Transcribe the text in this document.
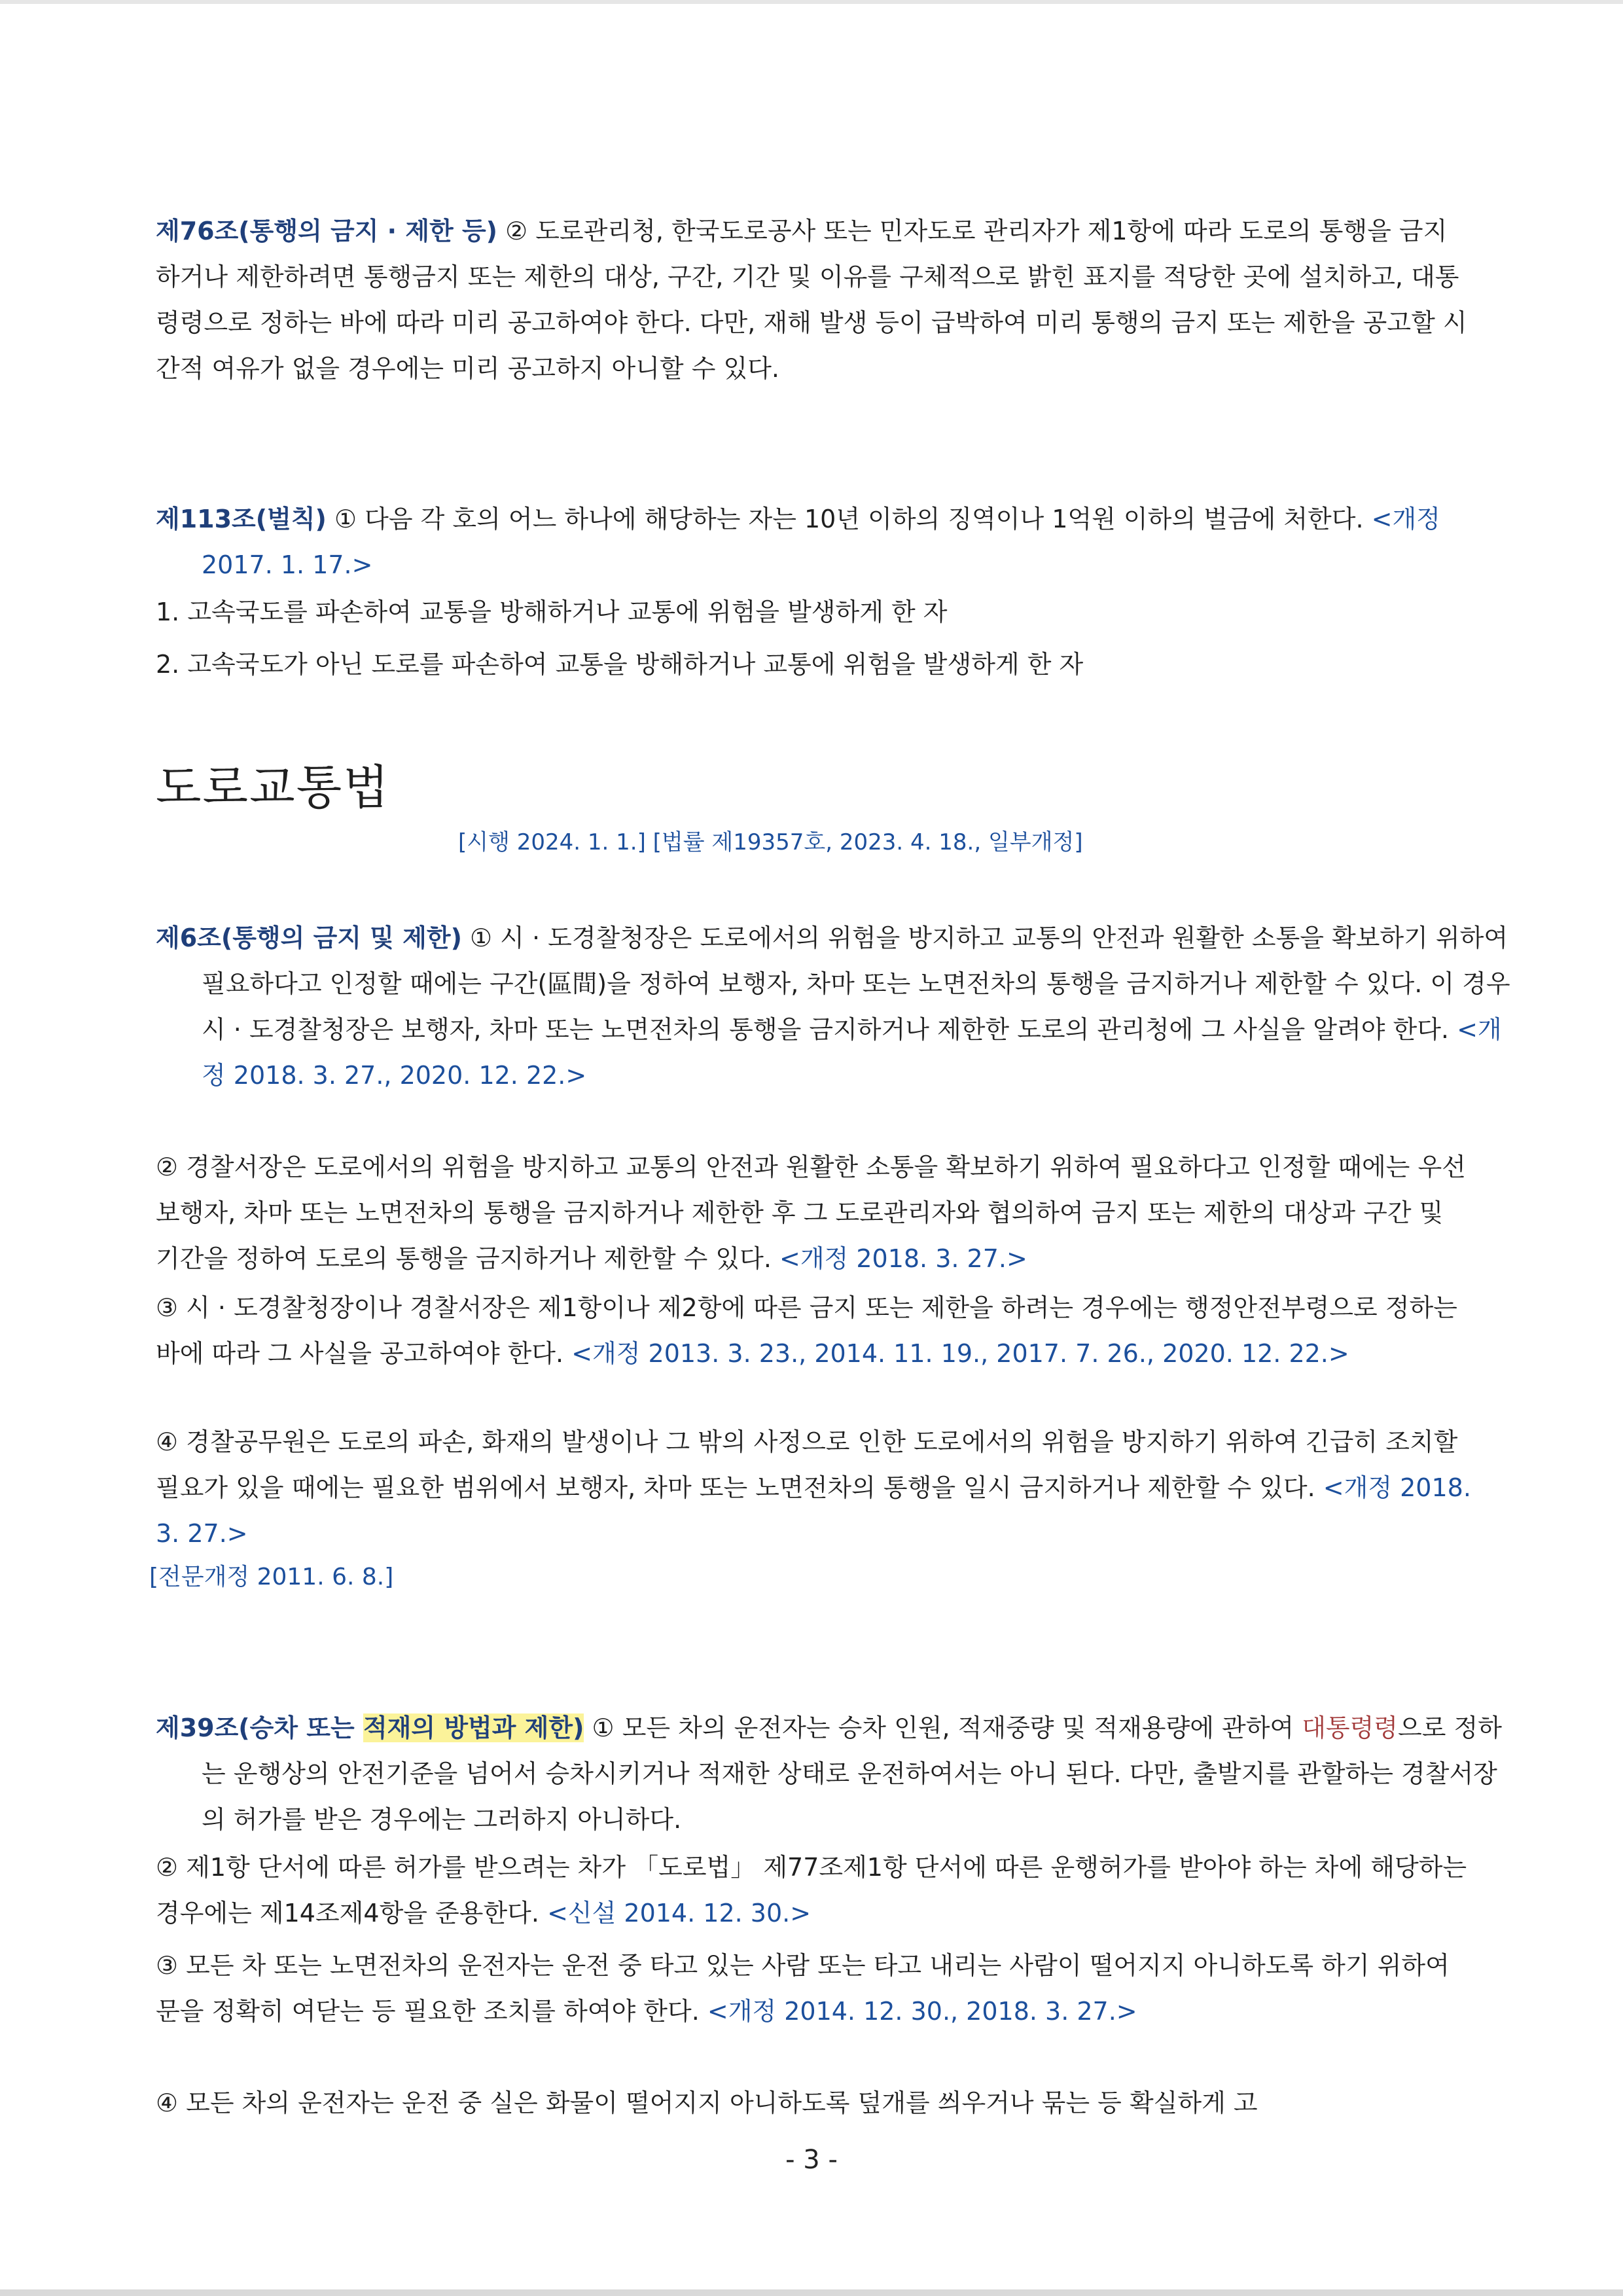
제76조(통행의 금지 · 제한 등) ② 도로관리청, 한국도로공사 또는 민자도로 관리자가 제1항에 따라 도로의 통행을 금지하거나 제한하려면 통행금지 또는 제한의 대상, 구간, 기간 및 이유를 구체적으로 밝힌 표지를 적당한 곳에 설치하고, 대통령령으로 정하는 바에 따라 미리 공고하여야 한다. 다만, 재해 발생 등이 급박하여 미리 통행의 금지 또는 제한을 공고할 시간적 여유가 없을 경우에는 미리 공고하지 아니할 수 있다.
제113조(벌칙) ① 다음 각 호의 어느 하나에 해당하는 자는 10년 이하의 징역이나 1억원 이하의 벌금에 처한다. <개정 2017. 1. 17.>
1. 고속국도를 파손하여 교통을 방해하거나 교통에 위험을 발생하게 한 자
2. 고속국도가 아닌 도로를 파손하여 교통을 방해하거나 교통에 위험을 발생하게 한 자
도로교통법
[시행 2024. 1. 1.] [법률 제19357호, 2023. 4. 18., 일부개정]
제6조(통행의 금지 및 제한) ① 시 · 도경찰청장은 도로에서의 위험을 방지하고 교통의 안전과 원활한 소통을 확보하기 위하여 필요하다고 인정할 때에는 구간(區間)을 정하여 보행자, 차마 또는 노면전차의 통행을 금지하거나 제한할 수 있다. 이 경우 시 · 도경찰청장은 보행자, 차마 또는 노면전차의 통행을 금지하거나 제한한 도로의 관리청에 그 사실을 알려야 한다. <개정 2018. 3. 27., 2020. 12. 22.>
② 경찰서장은 도로에서의 위험을 방지하고 교통의 안전과 원활한 소통을 확보하기 위하여 필요하다고 인정할 때에는 우선 보행자, 차마 또는 노면전차의 통행을 금지하거나 제한한 후 그 도로관리자와 협의하여 금지 또는 제한의 대상과 구간 및 기간을 정하여 도로의 통행을 금지하거나 제한할 수 있다. <개정 2018. 3. 27.>
③ 시 · 도경찰청장이나 경찰서장은 제1항이나 제2항에 따른 금지 또는 제한을 하려는 경우에는 행정안전부령으로 정하는 바에 따라 그 사실을 공고하여야 한다. <개정 2013. 3. 23., 2014. 11. 19., 2017. 7. 26., 2020. 12. 22.>
④ 경찰공무원은 도로의 파손, 화재의 발생이나 그 밖의 사정으로 인한 도로에서의 위험을 방지하기 위하여 긴급히 조치할 필요가 있을 때에는 필요한 범위에서 보행자, 차마 또는 노면전차의 통행을 일시 금지하거나 제한할 수 있다. <개정 2018. 3. 27.>
[전문개정 2011. 6. 8.]
제39조(승차 또는 적재의 방법과 제한) ① 모든 차의 운전자는 승차 인원, 적재중량 및 적재용량에 관하여 대통령령으로 정하는 운행상의 안전기준을 넘어서 승차시키거나 적재한 상태로 운전하여서는 아니 된다. 다만, 출발지를 관할하는 경찰서장의 허가를 받은 경우에는 그러하지 아니하다.
② 제1항 단서에 따른 허가를 받으려는 차가 「도로법」 제77조제1항 단서에 따른 운행허가를 받아야 하는 차에 해당하는 경우에는 제14조제4항을 준용한다. <신설 2014. 12. 30.>
③ 모든 차 또는 노면전차의 운전자는 운전 중 타고 있는 사람 또는 타고 내리는 사람이 떨어지지 아니하도록 하기 위하여 문을 정확히 여닫는 등 필요한 조치를 하여야 한다. <개정 2014. 12. 30., 2018. 3. 27.>
④ 모든 차의 운전자는 운전 중 실은 화물이 떨어지지 아니하도록 덮개를 씌우거나 묶는 등 확실하게 고
- 3 -
